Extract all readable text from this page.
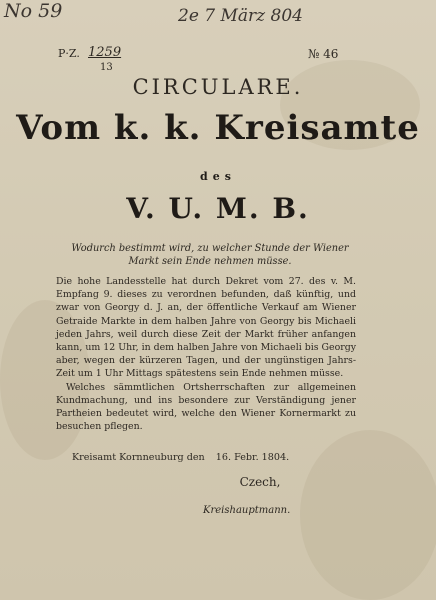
No 59	2e 7 März 804
P·Z. 1259
13
№ 46
CIRCULARE.
Vom k. k. Kreisamte
des
V. U. M. B.
Wodurch bestimmt wird, zu welcher Stunde der Wiener Markt sein Ende nehmen müsse.

Die hohe Landesstelle hat durch Dekret vom 27. des v. M. Empfang 9. dieses zu verordnen befunden, daß künftig, und zwar von Georgy d. J. an, der öffentliche Verkauf am Wiener Getraide Markte in dem halben Jahre von Georgy bis Michaeli jeden Jahrs, weil durch diese Zeit der Markt früher anfangen kann, um 12 Uhr, in dem halben Jahre von Michaeli bis Georgy aber, wegen der kürzeren Tagen, und der ungünstigen Jahrs-Zeit um 1 Uhr Mittags spätestens sein Ende nehmen müsse.

Welches sämmtlichen Ortsherrschaften zur allgemeinen Kundmachung, und ins besondere zur Verständigung jener Partheien bedeutet wird, welche den Wiener Kornermarkt zu besuchen pflegen.

Kreisamt Kornneuburg den 16. Febr. 1804.
Czech,
Kreishauptmann.
